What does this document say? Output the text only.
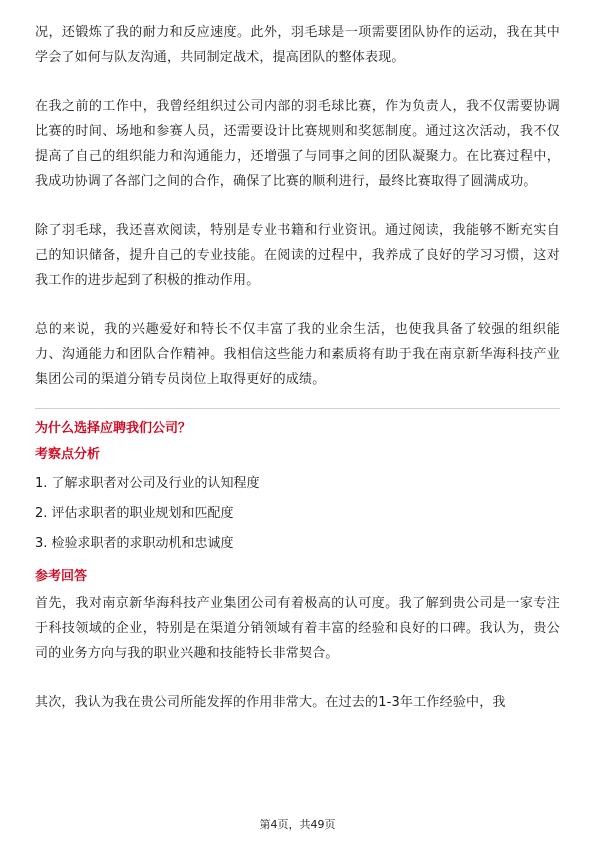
况，还锻炼了我的耐力和反应速度。此外，羽毛球是一项需要团队协作的运动，我在其中学会了如何与队友沟通，共同制定战术，提高团队的整体表现。

在我之前的工作中，我曾经组织过公司内部的羽毛球比赛，作为负责人，我不仅需要协调比赛的时间、场地和参赛人员，还需要设计比赛规则和奖惩制度。通过这次活动，我不仅提高了自己的组织能力和沟通能力，还增强了与同事之间的团队凝聚力。在比赛过程中，我成功协调了各部门之间的合作，确保了比赛的顺利进行，最终比赛取得了圆满成功。

除了羽毛球，我还喜欢阅读，特别是专业书籍和行业资讯。通过阅读，我能够不断充实自己的知识储备，提升自己的专业技能。在阅读的过程中，我养成了良好的学习习惯，这对我工作的进步起到了积极的推动作用。

总的来说，我的兴趣爱好和特长不仅丰富了我的业余生活，也使我具备了较强的组织能力、沟通能力和团队合作精神。我相信这些能力和素质将有助于我在南京新华海科技产业集团公司的渠道分销专员岗位上取得更好的成绩。

为什么选择应聘我们公司？
考察点分析
1. 了解求职者对公司及行业的认知程度
2. 评估求职者的职业规划和匹配度
3. 检验求职者的求职动机和忠诚度
参考回答

首先，我对南京新华海科技产业集团公司有着极高的认可度。我了解到贵公司是一家专注于科技领域的企业，特别是在渠道分销领域有着丰富的经验和良好的口碑。我认为，贵公司的业务方向与我的职业兴趣和技能特长非常契合。

其次，我认为我在贵公司所能发挥的作用非常大。在过去的1-3年工作经验中，我

第4页，共49页
